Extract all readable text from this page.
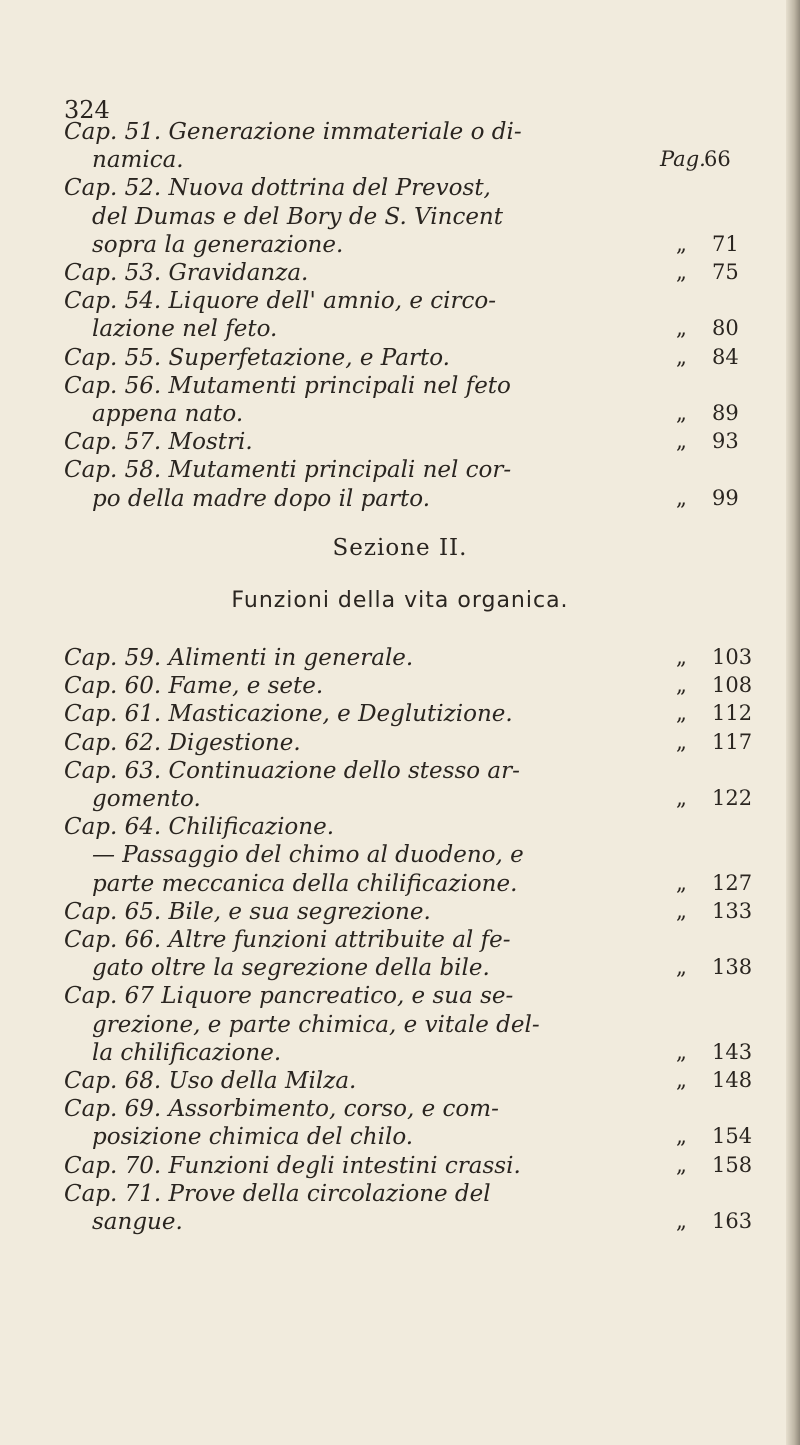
324
Cap. 51. Generazione immateriale o di-
namica.	Pag.66
Cap. 52. Nuova dottrina del Prevost,
del Dumas e del Bory de S. Vincent
sopra la generazione.	„ 71
Cap. 53. Gravidanza.	„ 75
Cap. 54. Liquore dell' amnio, e circo-
lazione nel feto.	„ 80
Cap. 55. Superfetazione, e Parto.	„ 84
Cap. 56. Mutamenti principali nel feto
appena nato.	„ 89
Cap. 57. Mostri.	„ 93
Cap. 58. Mutamenti principali nel cor-
po della madre dopo il parto.	„ 99
Cap. 59. Alimenti in generale.	„ 103
Cap. 60. Fame, e sete.	„ 108
Cap. 61. Masticazione, e Deglutizione.	„ 112
Cap. 62. Digestione.	„ 117
Cap. 63. Continuazione dello stesso ar-
gomento.	„ 122
Cap. 64. Chilificazione.
— Passaggio del chimo al duodeno, e
parte meccanica della chilificazione.	„ 127
Cap. 65. Bile, e sua segrezione.	„ 133
Cap. 66. Altre funzioni attribuite al fe-
gato oltre la segrezione della bile.	„ 138
Cap. 67 Liquore pancreatico, e sua se-
grezione, e parte chimica, e vitale del-
la chilificazione.	„ 143
Cap. 68. Uso della Milza.	„ 148
Cap. 69. Assorbimento, corso, e com-
posizione chimica del chilo.	„ 154
Cap. 70. Funzioni degli intestini crassi.	„ 158
Cap. 71. Prove della circolazione del
sangue.	„ 163
Sezione II.
Funzioni della vita organica.
